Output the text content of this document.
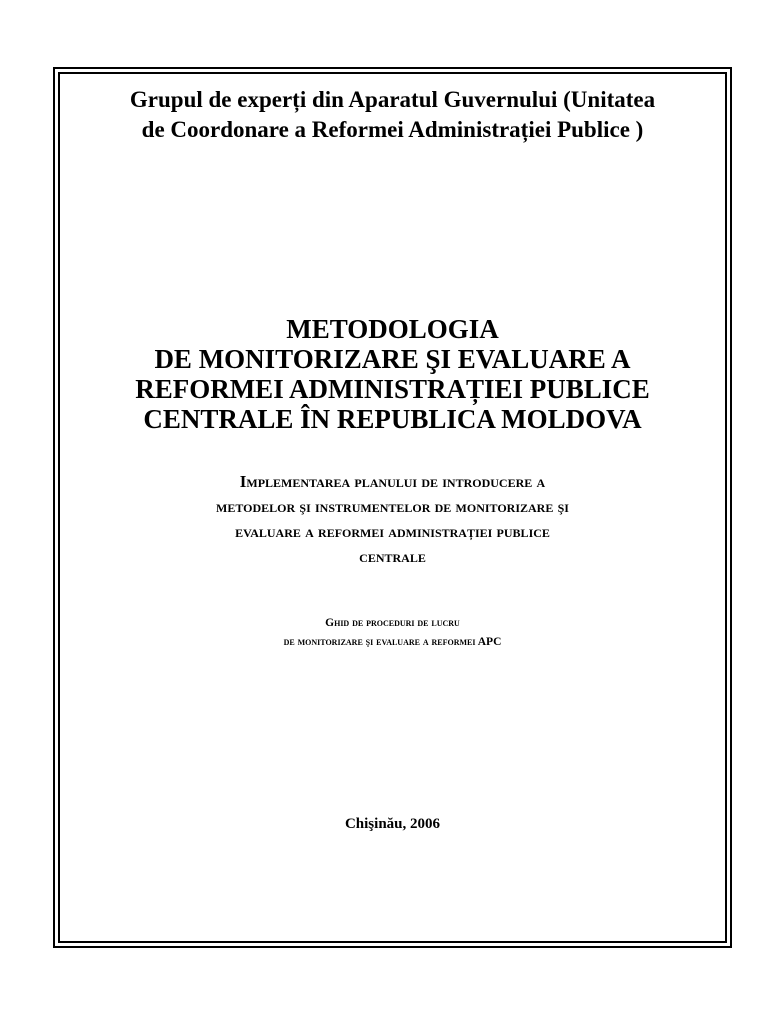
Grupul de experți din Aparatul Guvernului (Unitatea
de Coordonare a Reformei Administrației Publice )
METODOLOGIA
DE MONITORIZARE ŞI EVALUARE A
REFORMEI ADMINISTRAȚIEI PUBLICE
CENTRALE ÎN REPUBLICA MOLDOVA
Implementarea planului de introducere a
metodelor şi instrumentelor de monitorizare şi
evaluare a reformei administrației publice
centrale
Ghid de proceduri de lucru
de monitorizare şi evaluare a reformei APC
Chişinău, 2006
